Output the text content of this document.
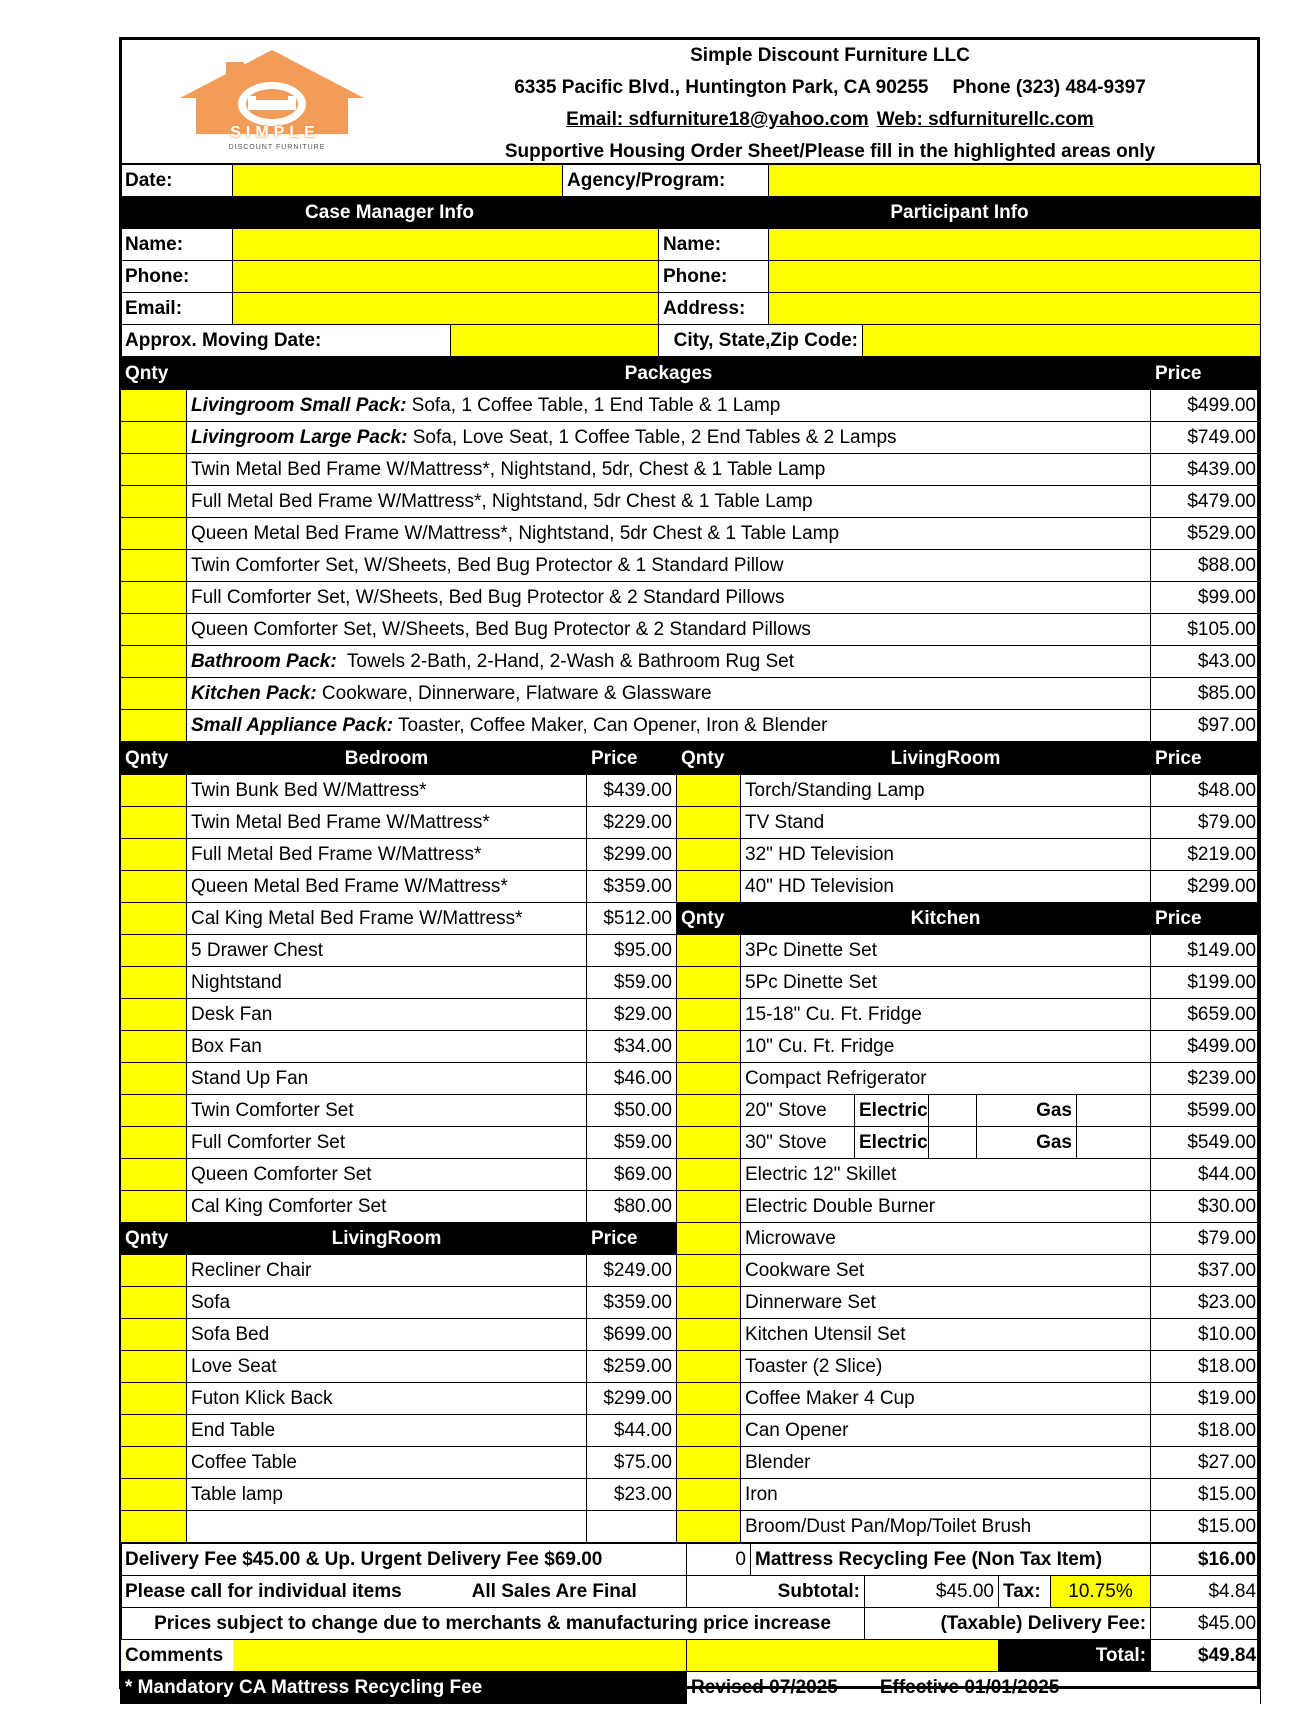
SIMPLE
DISCOUNT FURNITURE
Simple Discount Furniture LLC
6335 Pacific Blvd., Huntington Park, CA 90255 Phone (323) 484-9397
Email: sdfurniture18@yahoo.com Web: sdfurniturellc.com
Supportive Housing Order Sheet/Please fill in the highlighted areas only
Date:			Agency/Program:	
Case Manager Info				Participant Info		
Name:				Name:	
Phone:				Phone:	
Email:				Address:	
Approx. Moving Date:				City, State,Zip Code:	
Qnty	Packages	Price
	Livingroom Small Pack: Sofa, 1 Coffee Table, 1 End Table & 1 Lamp	$499.00
	Livingroom Large Pack: Sofa, Love Seat, 1 Coffee Table, 2 End Tables & 2 Lamps	$749.00
	Twin Metal Bed Frame W/Mattress*, Nightstand, 5dr, Chest & 1 Table Lamp	$439.00
	Full Metal Bed Frame W/Mattress*, Nightstand, 5dr Chest & 1 Table Lamp	$479.00
	Queen Metal Bed Frame W/Mattress*, Nightstand, 5dr Chest & 1 Table Lamp	$529.00
	Twin Comforter Set, W/Sheets, Bed Bug Protector & 1 Standard Pillow	$88.00
	Full Comforter Set, W/Sheets, Bed Bug Protector & 2 Standard Pillows	$99.00
	Queen Comforter Set, W/Sheets, Bed Bug Protector & 2 Standard Pillows	$105.00
	Bathroom Pack:  Towels 2-Bath, 2-Hand, 2-Wash & Bathroom Rug Set	$43.00
	Kitchen Pack: Cookware, Dinnerware, Flatware & Glassware	$85.00
	Small Appliance Pack: Toaster, Coffee Maker, Can Opener, Iron & Blender	$97.00
Qnty	Bedroom	Price	Qnty	LivingRoom					Price
	Twin Bunk Bed W/Mattress*	$439.00		Torch/Standing Lamp					$48.00
	Twin Metal Bed Frame W/Mattress*	$229.00		TV Stand					$79.00
	Full Metal Bed Frame W/Mattress*	$299.00		32" HD Television					$219.00
	Queen Metal Bed Frame W/Mattress*	$359.00		40" HD Television					$299.00
	Cal King Metal Bed Frame W/Mattress*	$512.00	Qnty	Kitchen					Price
	5 Drawer Chest	$95.00		3Pc Dinette Set					$149.00
	Nightstand	$59.00		5Pc Dinette Set					$199.00
	Desk Fan	$29.00		15-18" Cu. Ft. Fridge					$659.00
	Box Fan	$34.00		10" Cu. Ft. Fridge					$499.00
	Stand Up Fan	$46.00		Compact Refrigerator					$239.00
	Twin Comforter Set	$50.00		20" Stove	Electric		Gas		$599.00
	Full Comforter Set	$59.00		30" Stove	Electric		Gas		$549.00
	Queen Comforter Set	$69.00		Electric 12" Skillet					$44.00
	Cal King Comforter Set	$80.00		Electric Double Burner					$30.00
Qnty	LivingRoom	Price		Microwave					$79.00
	Recliner Chair	$249.00		Cookware Set					$37.00
	Sofa	$359.00		Dinnerware Set					$23.00
	Sofa Bed	$699.00		Kitchen Utensil Set					$10.00
	Love Seat	$259.00		Toaster (2 Slice)					$18.00
	Futon Klick Back	$299.00		Coffee Maker 4 Cup					$19.00
	End Table	$44.00		Can Opener					$18.00
	Coffee Table	$75.00		Blender					$27.00
	Table lamp	$23.00		Iron					$15.00
				Broom/Dust Pan/Mop/Toilet Brush					$15.00
Delivery Fee $45.00 & Up. Urgent Delivery Fee $69.00	0	Mattress Recycling Fee (Non Tax Item)				$16.00
Please call for individual items All Sales Are Final	Subtotal:		$45.00	Tax:	10.75%	$4.84
Prices subject to change due to merchants & manufacturing price increase			(Taxable) Delivery Fee:			$45.00
Comments				Total:		$49.84
* Mandatory CA Mattress Recycling Fee	Revised 07/2025 Effective 01/01/2025					
